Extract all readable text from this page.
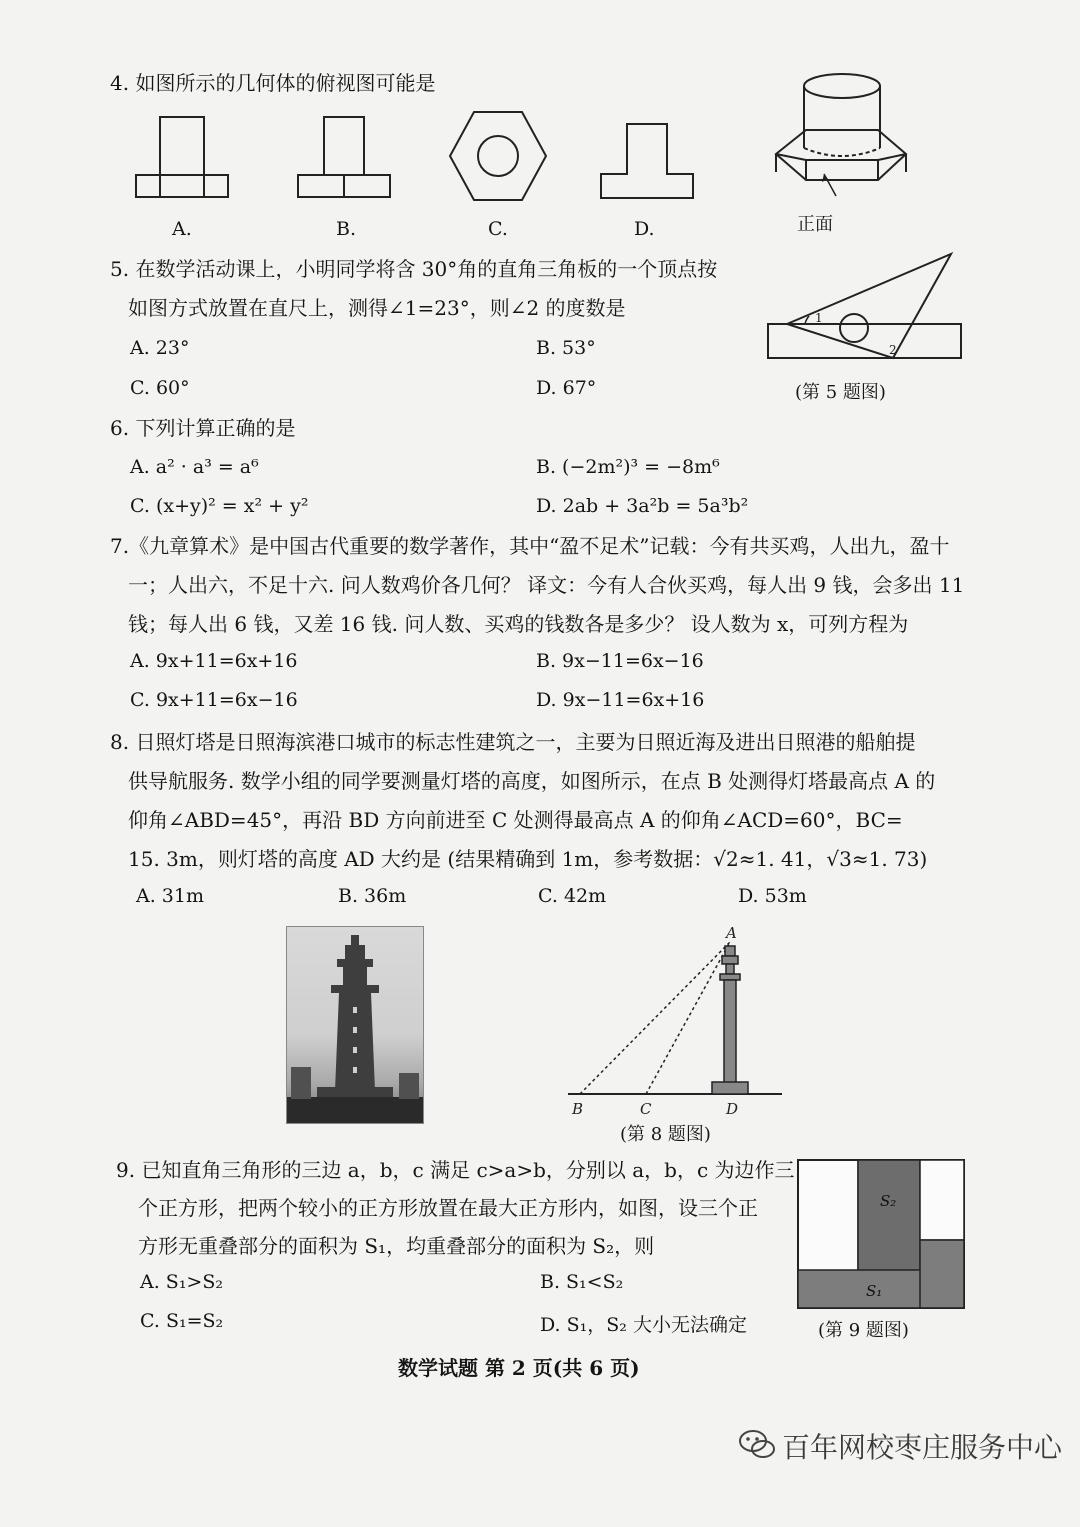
4. 如图所示的几何体的俯视图可能是
A.	B.	C.	D.	正面
5. 在数学活动课上，小明同学将含 30°角的直角三角板的一个顶点按
如图方式放置在直尺上，测得∠1=23°，则∠2 的度数是
A. 23°	B. 53°
C. 60°	D. 67°
1
2
(第 5 题图)
6. 下列计算正确的是
A. a² · a³ = a⁶	B. (−2m²)³ = −8m⁶
C. (x+y)² = x² + y²	D. 2ab + 3a²b = 5a³b²
7.《九章算术》是中国古代重要的数学著作，其中“盈不足术”记载：今有共买鸡，人出九，盈十
一；人出六，不足十六. 问人数鸡价各几何？ 译文：今有人合伙买鸡，每人出 9 钱，会多出 11
钱；每人出 6 钱，又差 16 钱. 问人数、买鸡的钱数各是多少？ 设人数为 x，可列方程为
A. 9x+11=6x+16	B. 9x−11=6x−16
C. 9x+11=6x−16	D. 9x−11=6x+16
8. 日照灯塔是日照海滨港口城市的标志性建筑之一，主要为日照近海及进出日照港的船舶提
供导航服务. 数学小组的同学要测量灯塔的高度，如图所示，在点 B 处测得灯塔最高点 A 的
仰角∠ABD=45°，再沿 BD 方向前进至 C 处测得最高点 A 的仰角∠ACD=60°，BC=
15. 3m，则灯塔的高度 AD 大约是 (结果精确到 1m，参考数据：√2≈1. 41，√3≈1. 73)
A. 31m	B. 36m	C. 42m	D. 53m
A
B	C	D
(第 8 题图)
9. 已知直角三角形的三边 a，b，c 满足 c>a>b，分别以 a，b，c 为边作三
个正方形，把两个较小的正方形放置在最大正方形内，如图，设三个正
方形无重叠部分的面积为 S₁，均重叠部分的面积为 S₂，则
A. S₁>S₂	B. S₁<S₂
C. S₁=S₂	D. S₁，S₂ 大小无法确定
S₂
S₁
(第 9 题图)
数学试题 第 2 页(共 6 页)
百年网校枣庄服务中心
